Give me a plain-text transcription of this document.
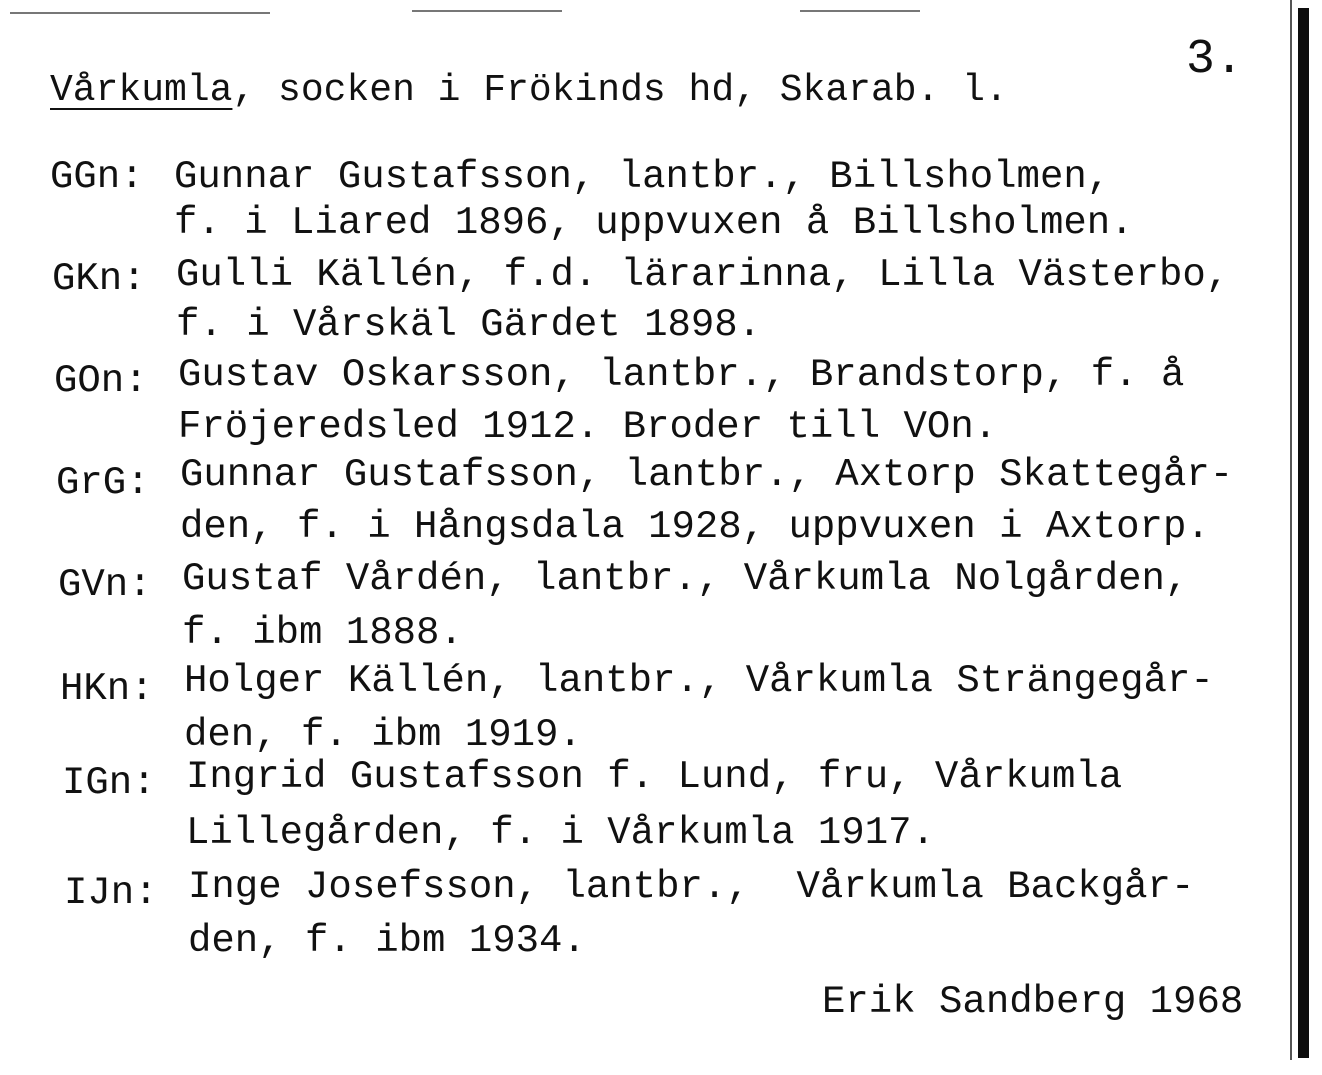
3.
Vårkumla, socken i Frökinds hd, Skarab. l.
GGn: Gunnar Gustafsson, lantbr., Billsholmen,
f. i Liared 1896, uppvuxen å Billsholmen.
GKn: Gulli Källén, f.d. lärarinna, Lilla Västerbo,
f. i Vårskäl Gärdet 1898.
GOn: Gustav Oskarsson, lantbr., Brandstorp, f. å
Fröjeredsled 1912. Broder till VOn.
GrG: Gunnar Gustafsson, lantbr., Axtorp Skattegår-
den, f. i Hångsdala 1928, uppvuxen i Axtorp.
GVn: Gustaf Vårdén, lantbr., Vårkumla Nolgården,
f. ibm 1888.
HKn: Holger Källén, lantbr., Vårkumla Strängegår-
den, f. ibm 1919.
IGn: Ingrid Gustafsson f. Lund, fru, Vårkumla
Lillegården, f. i Vårkumla 1917.
IJn: Inge Josefsson, lantbr.,  Vårkumla Backgår-
den, f. ibm 1934.
Erik Sandberg 1968
